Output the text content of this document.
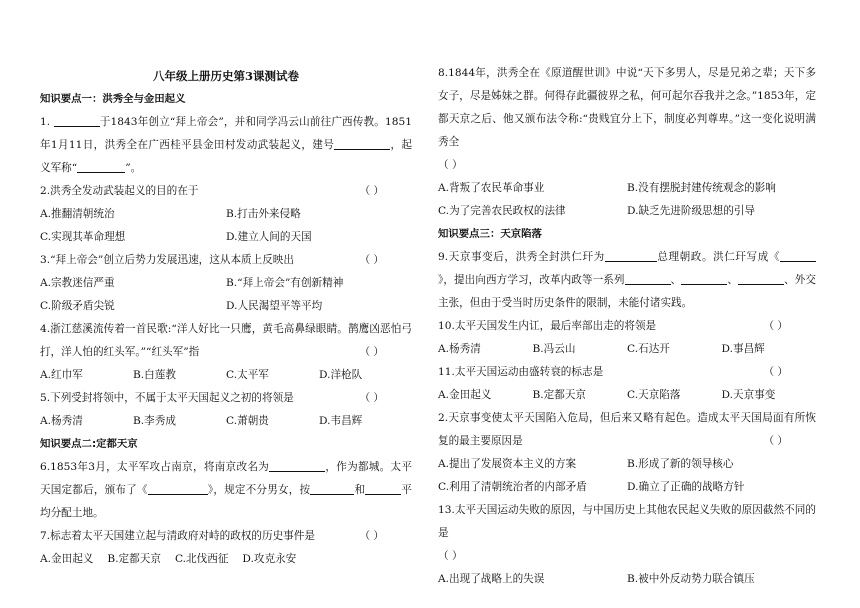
八年级上册历史第3课测试卷
知识要点一：洪秀全与金田起义
1.	于1843年创立“拜上帝会”，并和同学冯云山前往广西传教。1851年1月11日，洪秀全在广西桂平县金田村发动武装起义，建号	，起义军称“	”。
2.洪秀全发动武装起义的目的在于	（ ）
A.推翻清朝统治	B.打击外来侵略
C.实现其革命理想	D.建立人间的天国
3.“拜上帝会”创立后势力发展迅速，这从本质上反映出	（ ）
A.宗教迷信严重	B.“拜上帝会”有创新精神
C.阶级矛盾尖锐	D.人民渴望平等平均
4.浙江慈溪流传着一首民歌:“洋人好比一只鹰，黄毛高鼻绿眼睛。鹊鹰凶恶怕弓打，洋人怕的红头军。”“红头军”指	（ ）
A.红巾军	B.白莲教	C.太平军	D.洋枪队
5.下列受封将领中，不属于太平天国起义之初的将领是	（ ）
A.杨秀清	B.李秀成	C.萧朝贵	D.韦昌辉
知识要点二:定都天京
6.1853年3月，太平军攻占南京，将南京改名为	，作为都城。太平天国定都后，颁布了《	》，规定不分男女，按	和	平均分配土地。
7.标志着太平天国建立起与清政府对峙的政权的历史事件是	（ ）
A.金田起义 B.定都天京 C.北伐西征 D.攻克永安
8.1844年，洪秀全在《原道醒世训》中说“天下多男人，尽是兄弟之辈；天下多女子，尽是姊妹之群。何得存此疆彼界之私，何可起尔吞我并之念。”1853年，定都天京之后、他又颁布法令称:“贵贱宜分上下，制度必判尊卑。”这一变化说明满秀全
（ ）
A.背叛了农民革命事业	B.没有摆脱封建传统观念的影响
C.为了完善农民政权的法律	D.缺乏先进阶级思想的引导
知识要点三：天京陷落
9.天京事变后，洪秀全封洪仁玕为	总理朝政。洪仁玕写成《》，提出向西方学习，改革内政等一系列	、	、	、外交主张，但由于受当时历史条件的限制，未能付诸实践。
10.太平天国发生内讧，最后率部出走的将领是	（ ）
A.杨秀清	B.冯云山	C.石达开	D.事昌辉
11.太平天国运动由盛转衰的标志是	（ ）
A.金田起义	B.定都天京	C.天京陷落	D.天京事变
2.天京事变使太平天国陷入危局，但后来又略有起色。造成太平天国局面有所恢复的最主要原因是	（ ）
A.提出了发展资本主义的方案	B.形成了新的领导核心
C.利用了清朝统治者的内部矛盾	D.确立了正确的战略方针
13.太平天国运动失败的原因，与中国历史上其他农民起义失败的原因截然不同的是
（ ）
A.出现了战略上的失误	B.被中外反动势力联合镇压
